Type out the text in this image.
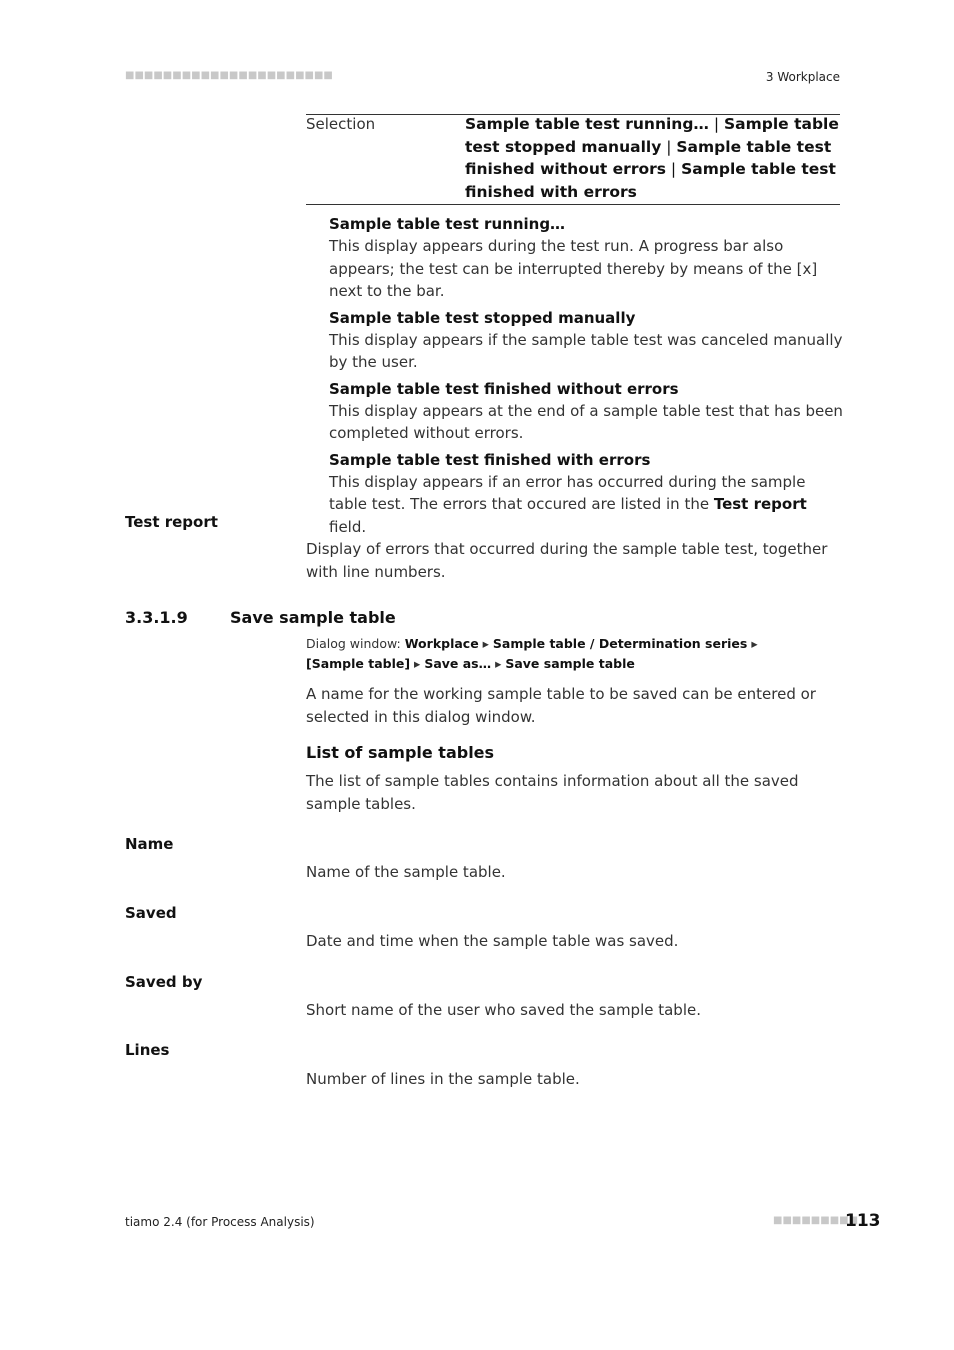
■■■■■■■■■■■■■■■■■■■■■■	3 Workplace
Selection	Sample table test running… | Sample table test stopped manually | Sample table test finished without errors | Sample table test finished with errors
Sample table test running…
This display appears during the test run. A progress bar also appears; the test can be interrupted thereby by means of the [x] next to the bar.
Sample table test stopped manually
This display appears if the sample table test was canceled manually by the user.
Sample table test finished without errors
This display appears at the end of a sample table test that has been completed without errors.
Sample table test finished with errors
This display appears if an error has occurred during the sample table test. The errors that occured are listed in the Test report field.
Test report
Display of errors that occurred during the sample table test, together with line numbers.
3.3.1.9	Save sample table
Dialog window: Workplace ▸ Sample table / Determination series ▸ [Sample table] ▸ Save as… ▸ Save sample table
A name for the working sample table to be saved can be entered or selected in this dialog window.
List of sample tables
The list of sample tables contains information about all the saved sample tables.
Name
Name of the sample table.
Saved
Date and time when the sample table was saved.
Saved by
Short name of the user who saved the sample table.
Lines
Number of lines in the sample table.
tiamo 2.4 (for Process Analysis)	■■■■■■■■■
113
